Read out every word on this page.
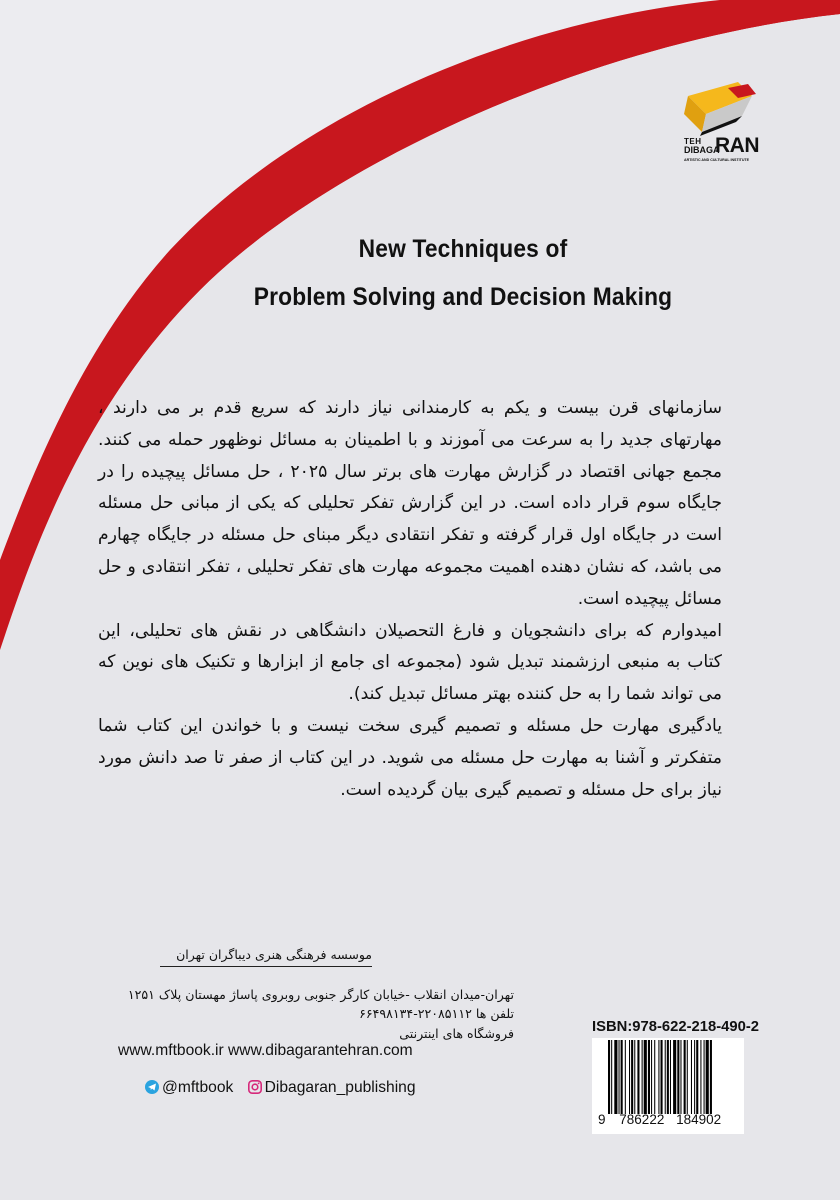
TEH
DIBAGA
RAN
ARTISTIC AND CULTURAL INSTITUTE
New Techniques of
Problem Solving and Decision Making

سازمانهای قرن بیست و یکم به کارمندانی نیاز دارند که سریع قدم بر می دارند ، مهارتهای جدید را به سرعت می آموزند و با اطمینان به مسائل نوظهور حمله می کنند. مجمع جهانی اقتصاد در گزارش مهارت های برتر سال ۲۰۲۵ ، حل مسائل پیچیده را در جایگاه سوم قرار داده است. در این گزارش تفکر تحلیلی که یکی از مبانی حل مسئله است در جایگاه اول قرار گرفته و تفکر انتقادی دیگر مبنای حل مسئله در جایگاه چهارم می باشد، که نشان دهنده اهمیت مجموعه مهارت های تفکر تحلیلی ، تفکر انتقادی و حل مسائل پیچیده است.

امیدوارم که برای دانشجویان و فارغ التحصیلان دانشگاهی در نقش های تحلیلی، این کتاب به منبعی ارزشمند تبدیل شود (مجموعه ای جامع از ابزارها و تکنیک های نوین که می تواند شما را به حل کننده بهتر مسائل تبدیل کند).

یادگیری مهارت حل مسئله و تصمیم گیری سخت نیست و با خواندن این کتاب شما متفکرتر و آشنا به مهارت حل مسئله می شوید. در این کتاب از صفر تا صد دانش مورد نیاز برای حل مسئله و تصمیم گیری بیان گردیده است.

موسسه فرهنگی هنری دیباگران تهران
تهران-میدان انقلاب -خیابان کارگر جنوبی روبروی پاساژ مهستان پلاک ۱۲۵۱
تلفن ها ۲۲۰۸۵۱۱۲-۶۶۴۹۸۱۳۴
فروشگاه های اینترنتی
www.mftbook.ir www.dibagarantehran.com
@mftbook Dibagaran_publishing
ISBN:978-622-218-490-2
9 786222 184902
